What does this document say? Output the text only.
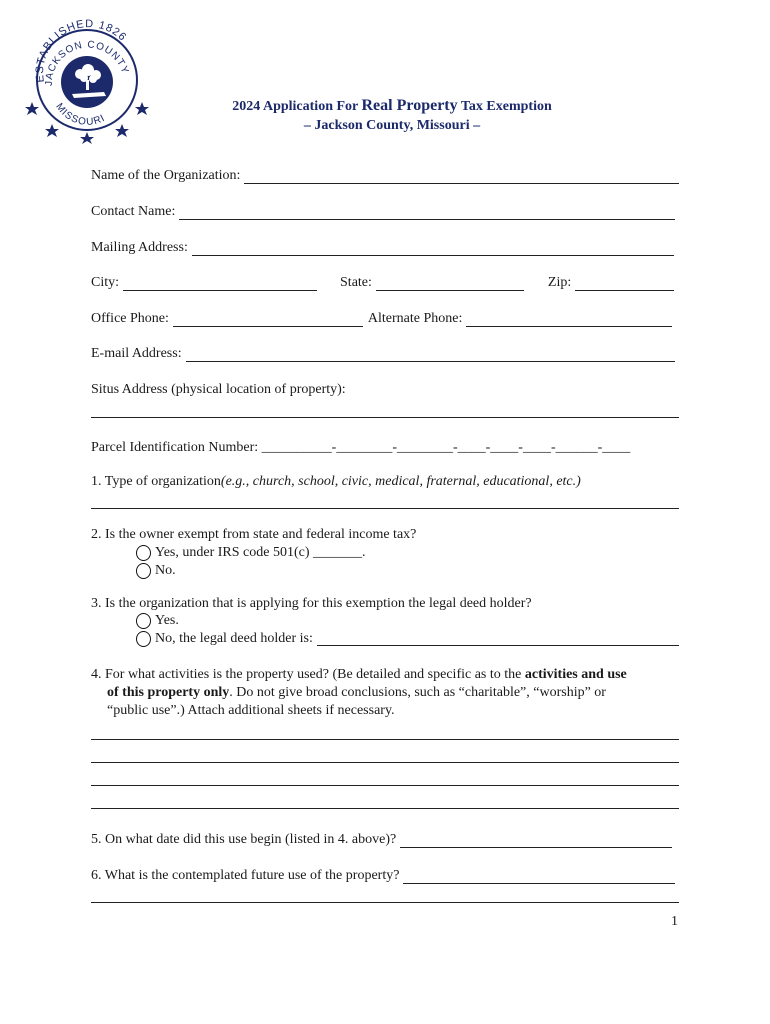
ESTABLISHED 1826
JACKSON COUNTY
MISSOURI
2024 Application For Real Property Tax Exemption
– Jackson County, Missouri –
Name of the Organization:
Contact Name:
Mailing Address:
City:	State:	Zip:
Office Phone:	Alternate Phone:
E-mail Address:
Situs Address (physical location of property):
Parcel Identification Number: __________-________-________-____-____-____-______-____
1. Type of organization (e.g., church, school, civic, medical, fraternal, educational, etc.)
2. Is the owner exempt from state and federal income tax?
Yes, under IRS code 501(c) _______.
No.
3. Is the organization that is applying for this exemption the legal deed holder?
Yes.
No, the legal deed holder is:
4. For what activities is the property used? (Be detailed and specific as to the activities and use
of this property only. Do not give broad conclusions, such as “charitable”, “worship” or
“public use”.) Attach additional sheets if necessary.
5. On what date did this use begin (listed in 4. above)?
6. What is the contemplated future use of the property?
1
